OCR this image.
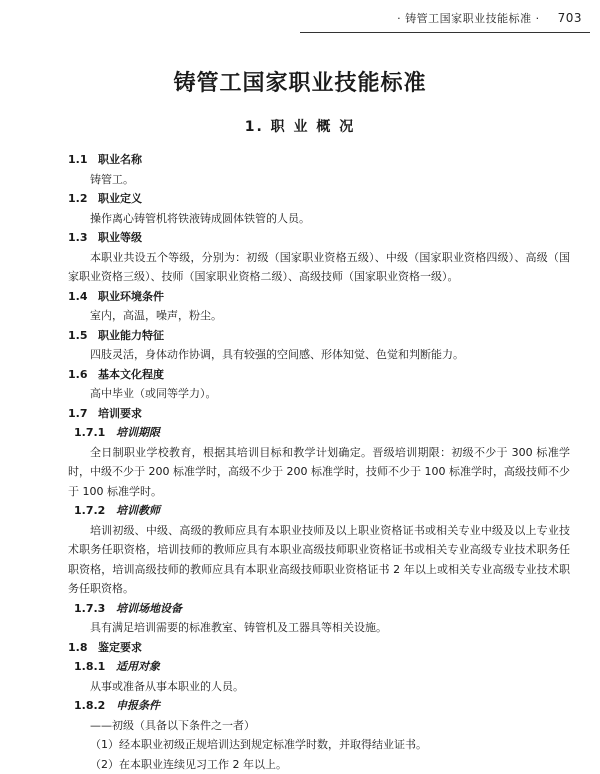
· 铸管工国家职业技能标准 · 703
铸管工国家职业技能标准
1. 职 业 概 况
1.1 职业名称
铸管工。
1.2 职业定义
操作离心铸管机将铁液铸成圆体铁管的人员。
1.3 职业等级
本职业共设五个等级，分别为：初级（国家职业资格五级）、中级（国家职业资格四级）、高级（国家职业资格三级）、技师（国家职业资格二级）、高级技师（国家职业资格一级）。
1.4 职业环境条件
室内，高温，噪声，粉尘。
1.5 职业能力特征
四肢灵活，身体动作协调，具有较强的空间感、形体知觉、色觉和判断能力。
1.6 基本文化程度
高中毕业（或同等学力）。
1.7 培训要求
1.7.1 培训期限
全日制职业学校教育，根据其培训目标和教学计划确定。晋级培训期限：初级不少于 300 标准学时，中级不少于 200 标准学时，高级不少于 200 标准学时，技师不少于 100 标准学时，高级技师不少于 100 标准学时。
1.7.2 培训教师
培训初级、中级、高级的教师应具有本职业技师及以上职业资格证书或相关专业中级及以上专业技术职务任职资格，培训技师的教师应具有本职业高级技师职业资格证书或相关专业高级专业技术职务任职资格，培训高级技师的教师应具有本职业高级技师职业资格证书 2 年以上或相关专业高级专业技术职务任职资格。
1.7.3 培训场地设备
具有满足培训需要的标准教室、铸管机及工器具等相关设施。
1.8 鉴定要求
1.8.1 适用对象
从事或准备从事本职业的人员。
1.8.2 申报条件
——初级（具备以下条件之一者）
（1）经本职业初级正规培训达到规定标准学时数，并取得结业证书。
（2）在本职业连续见习工作 2 年以上。
